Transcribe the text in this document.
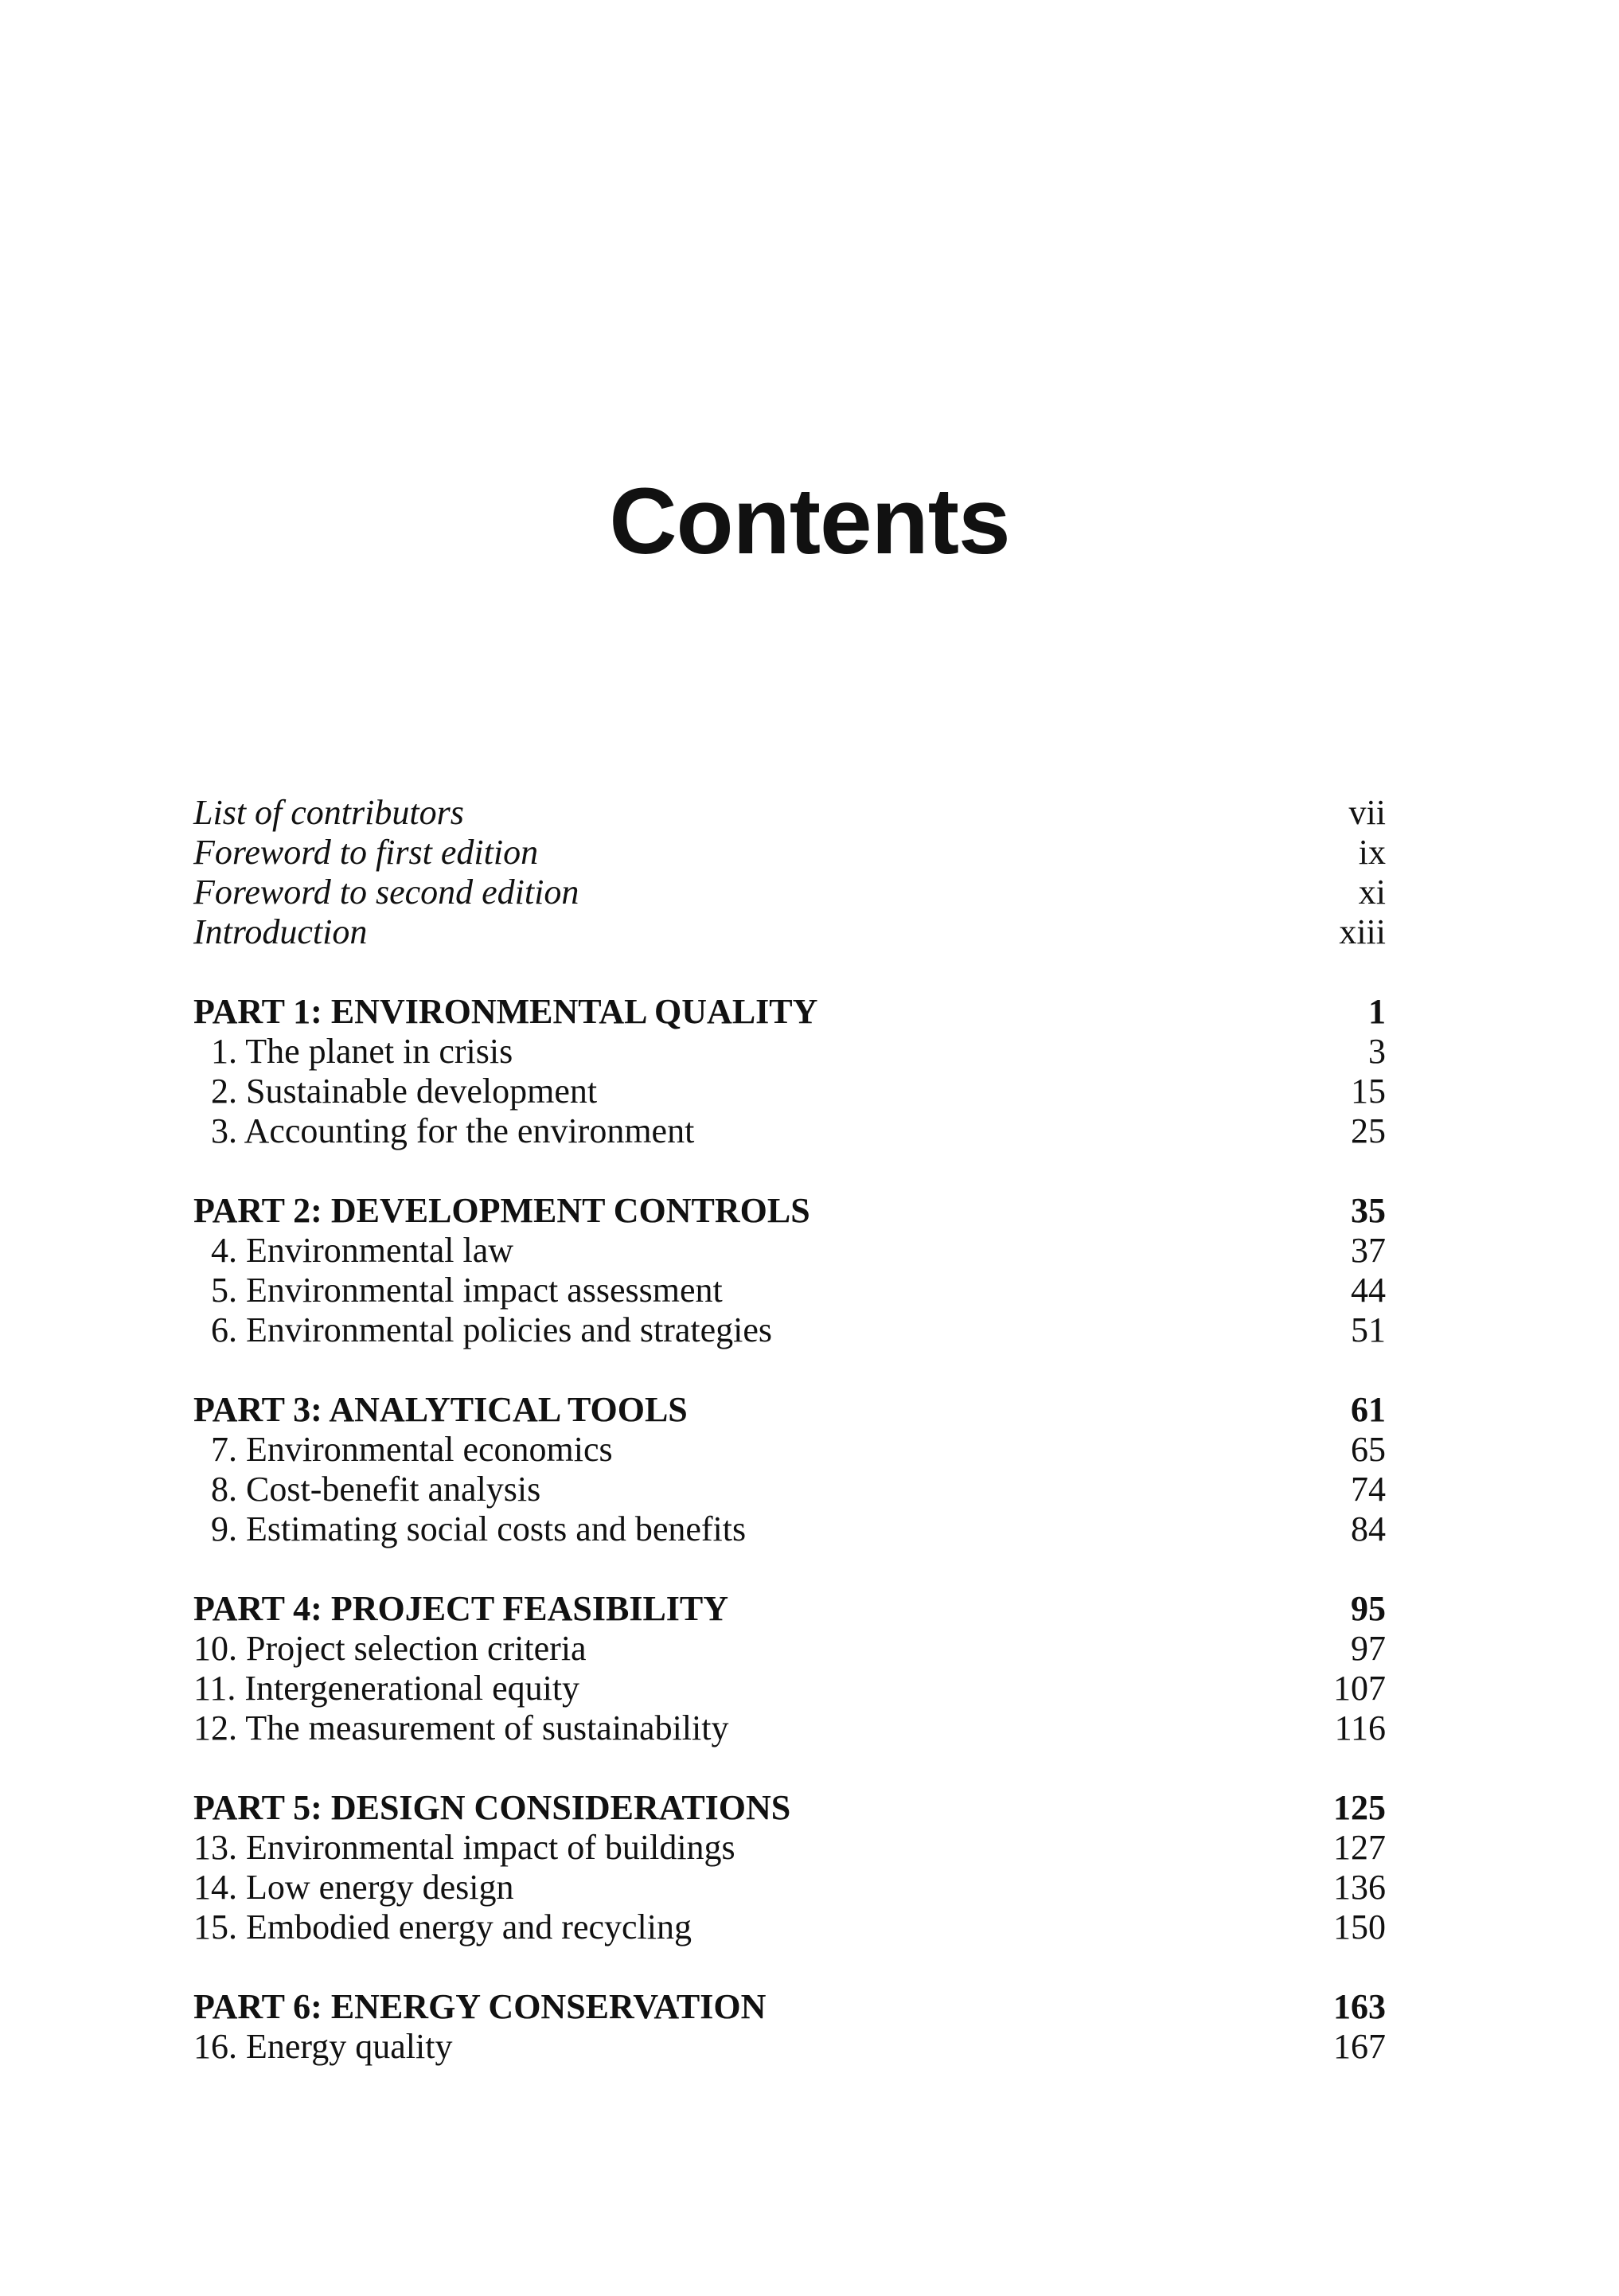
Contents
List of contributors	vii
Foreword to first edition	ix
Foreword to second edition	xi
Introduction	xiii
PART 1: ENVIRONMENTAL QUALITY	1
1. The planet in crisis	3
2. Sustainable development	15
3. Accounting for the environment	25
PART 2: DEVELOPMENT CONTROLS	35
4. Environmental law	37
5. Environmental impact assessment	44
6. Environmental policies and strategies	51
PART 3: ANALYTICAL TOOLS	61
7. Environmental economics	65
8. Cost-benefit analysis	74
9. Estimating social costs and benefits	84
PART 4: PROJECT FEASIBILITY	95
10. Project selection criteria	97
11. Intergenerational equity	107
12. The measurement of sustainability	116
PART 5: DESIGN CONSIDERATIONS	125
13. Environmental impact of buildings	127
14. Low energy design	136
15. Embodied energy and recycling	150
PART 6: ENERGY CONSERVATION	163
16. Energy quality	167
